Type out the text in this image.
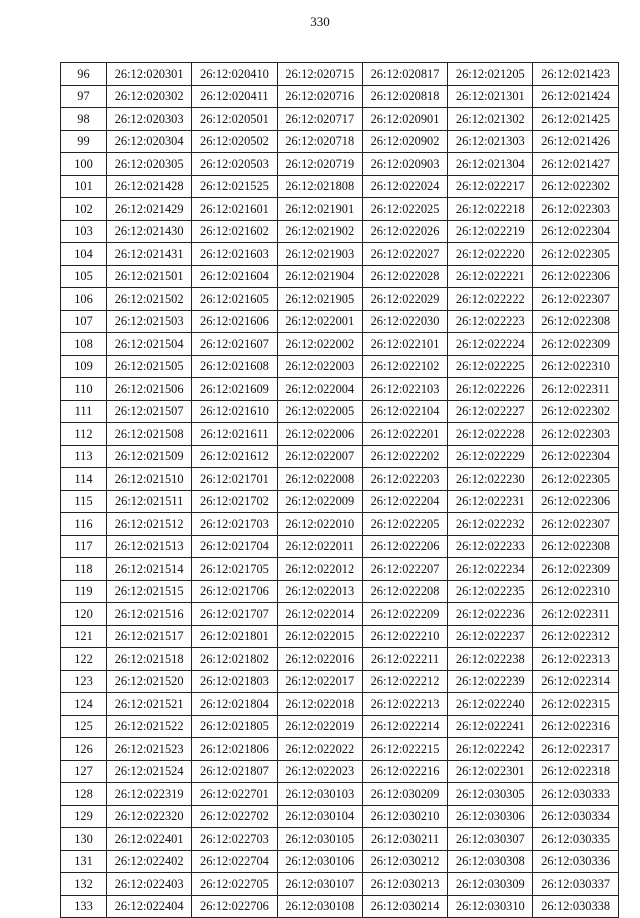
330
96	26:12:020301	26:12:020410	26:12:020715	26:12:020817	26:12:021205	26:12:021423
97	26:12:020302	26:12:020411	26:12:020716	26:12:020818	26:12:021301	26:12:021424
98	26:12:020303	26:12:020501	26:12:020717	26:12:020901	26:12:021302	26:12:021425
99	26:12:020304	26:12:020502	26:12:020718	26:12:020902	26:12:021303	26:12:021426
100	26:12:020305	26:12:020503	26:12:020719	26:12:020903	26:12:021304	26:12:021427
101	26:12:021428	26:12:021525	26:12:021808	26:12:022024	26:12:022217	26:12:022302
102	26:12:021429	26:12:021601	26:12:021901	26:12:022025	26:12:022218	26:12:022303
103	26:12:021430	26:12:021602	26:12:021902	26:12:022026	26:12:022219	26:12:022304
104	26:12:021431	26:12:021603	26:12:021903	26:12:022027	26:12:022220	26:12:022305
105	26:12:021501	26:12:021604	26:12:021904	26:12:022028	26:12:022221	26:12:022306
106	26:12:021502	26:12:021605	26:12:021905	26:12:022029	26:12:022222	26:12:022307
107	26:12:021503	26:12:021606	26:12:022001	26:12:022030	26:12:022223	26:12:022308
108	26:12:021504	26:12:021607	26:12:022002	26:12:022101	26:12:022224	26:12:022309
109	26:12:021505	26:12:021608	26:12:022003	26:12:022102	26:12:022225	26:12:022310
110	26:12:021506	26:12:021609	26:12:022004	26:12:022103	26:12:022226	26:12:022311
111	26:12:021507	26:12:021610	26:12:022005	26:12:022104	26:12:022227	26:12:022302
112	26:12:021508	26:12:021611	26:12:022006	26:12:022201	26:12:022228	26:12:022303
113	26:12:021509	26:12:021612	26:12:022007	26:12:022202	26:12:022229	26:12:022304
114	26:12:021510	26:12:021701	26:12:022008	26:12:022203	26:12:022230	26:12:022305
115	26:12:021511	26:12:021702	26:12:022009	26:12:022204	26:12:022231	26:12:022306
116	26:12:021512	26:12:021703	26:12:022010	26:12:022205	26:12:022232	26:12:022307
117	26:12:021513	26:12:021704	26:12:022011	26:12:022206	26:12:022233	26:12:022308
118	26:12:021514	26:12:021705	26:12:022012	26:12:022207	26:12:022234	26:12:022309
119	26:12:021515	26:12:021706	26:12:022013	26:12:022208	26:12:022235	26:12:022310
120	26:12:021516	26:12:021707	26:12:022014	26:12:022209	26:12:022236	26:12:022311
121	26:12:021517	26:12:021801	26:12:022015	26:12:022210	26:12:022237	26:12:022312
122	26:12:021518	26:12:021802	26:12:022016	26:12:022211	26:12:022238	26:12:022313
123	26:12:021520	26:12:021803	26:12:022017	26:12:022212	26:12:022239	26:12:022314
124	26:12:021521	26:12:021804	26:12:022018	26:12:022213	26:12:022240	26:12:022315
125	26:12:021522	26:12:021805	26:12:022019	26:12:022214	26:12:022241	26:12:022316
126	26:12:021523	26:12:021806	26:12:022022	26:12:022215	26:12:022242	26:12:022317
127	26:12:021524	26:12:021807	26:12:022023	26:12:022216	26:12:022301	26:12:022318
128	26:12:022319	26:12:022701	26:12:030103	26:12:030209	26:12:030305	26:12:030333
129	26:12:022320	26:12:022702	26:12:030104	26:12:030210	26:12:030306	26:12:030334
130	26:12:022401	26:12:022703	26:12:030105	26:12:030211	26:12:030307	26:12:030335
131	26:12:022402	26:12:022704	26:12:030106	26:12:030212	26:12:030308	26:12:030336
132	26:12:022403	26:12:022705	26:12:030107	26:12:030213	26:12:030309	26:12:030337
133	26:12:022404	26:12:022706	26:12:030108	26:12:030214	26:12:030310	26:12:030338
